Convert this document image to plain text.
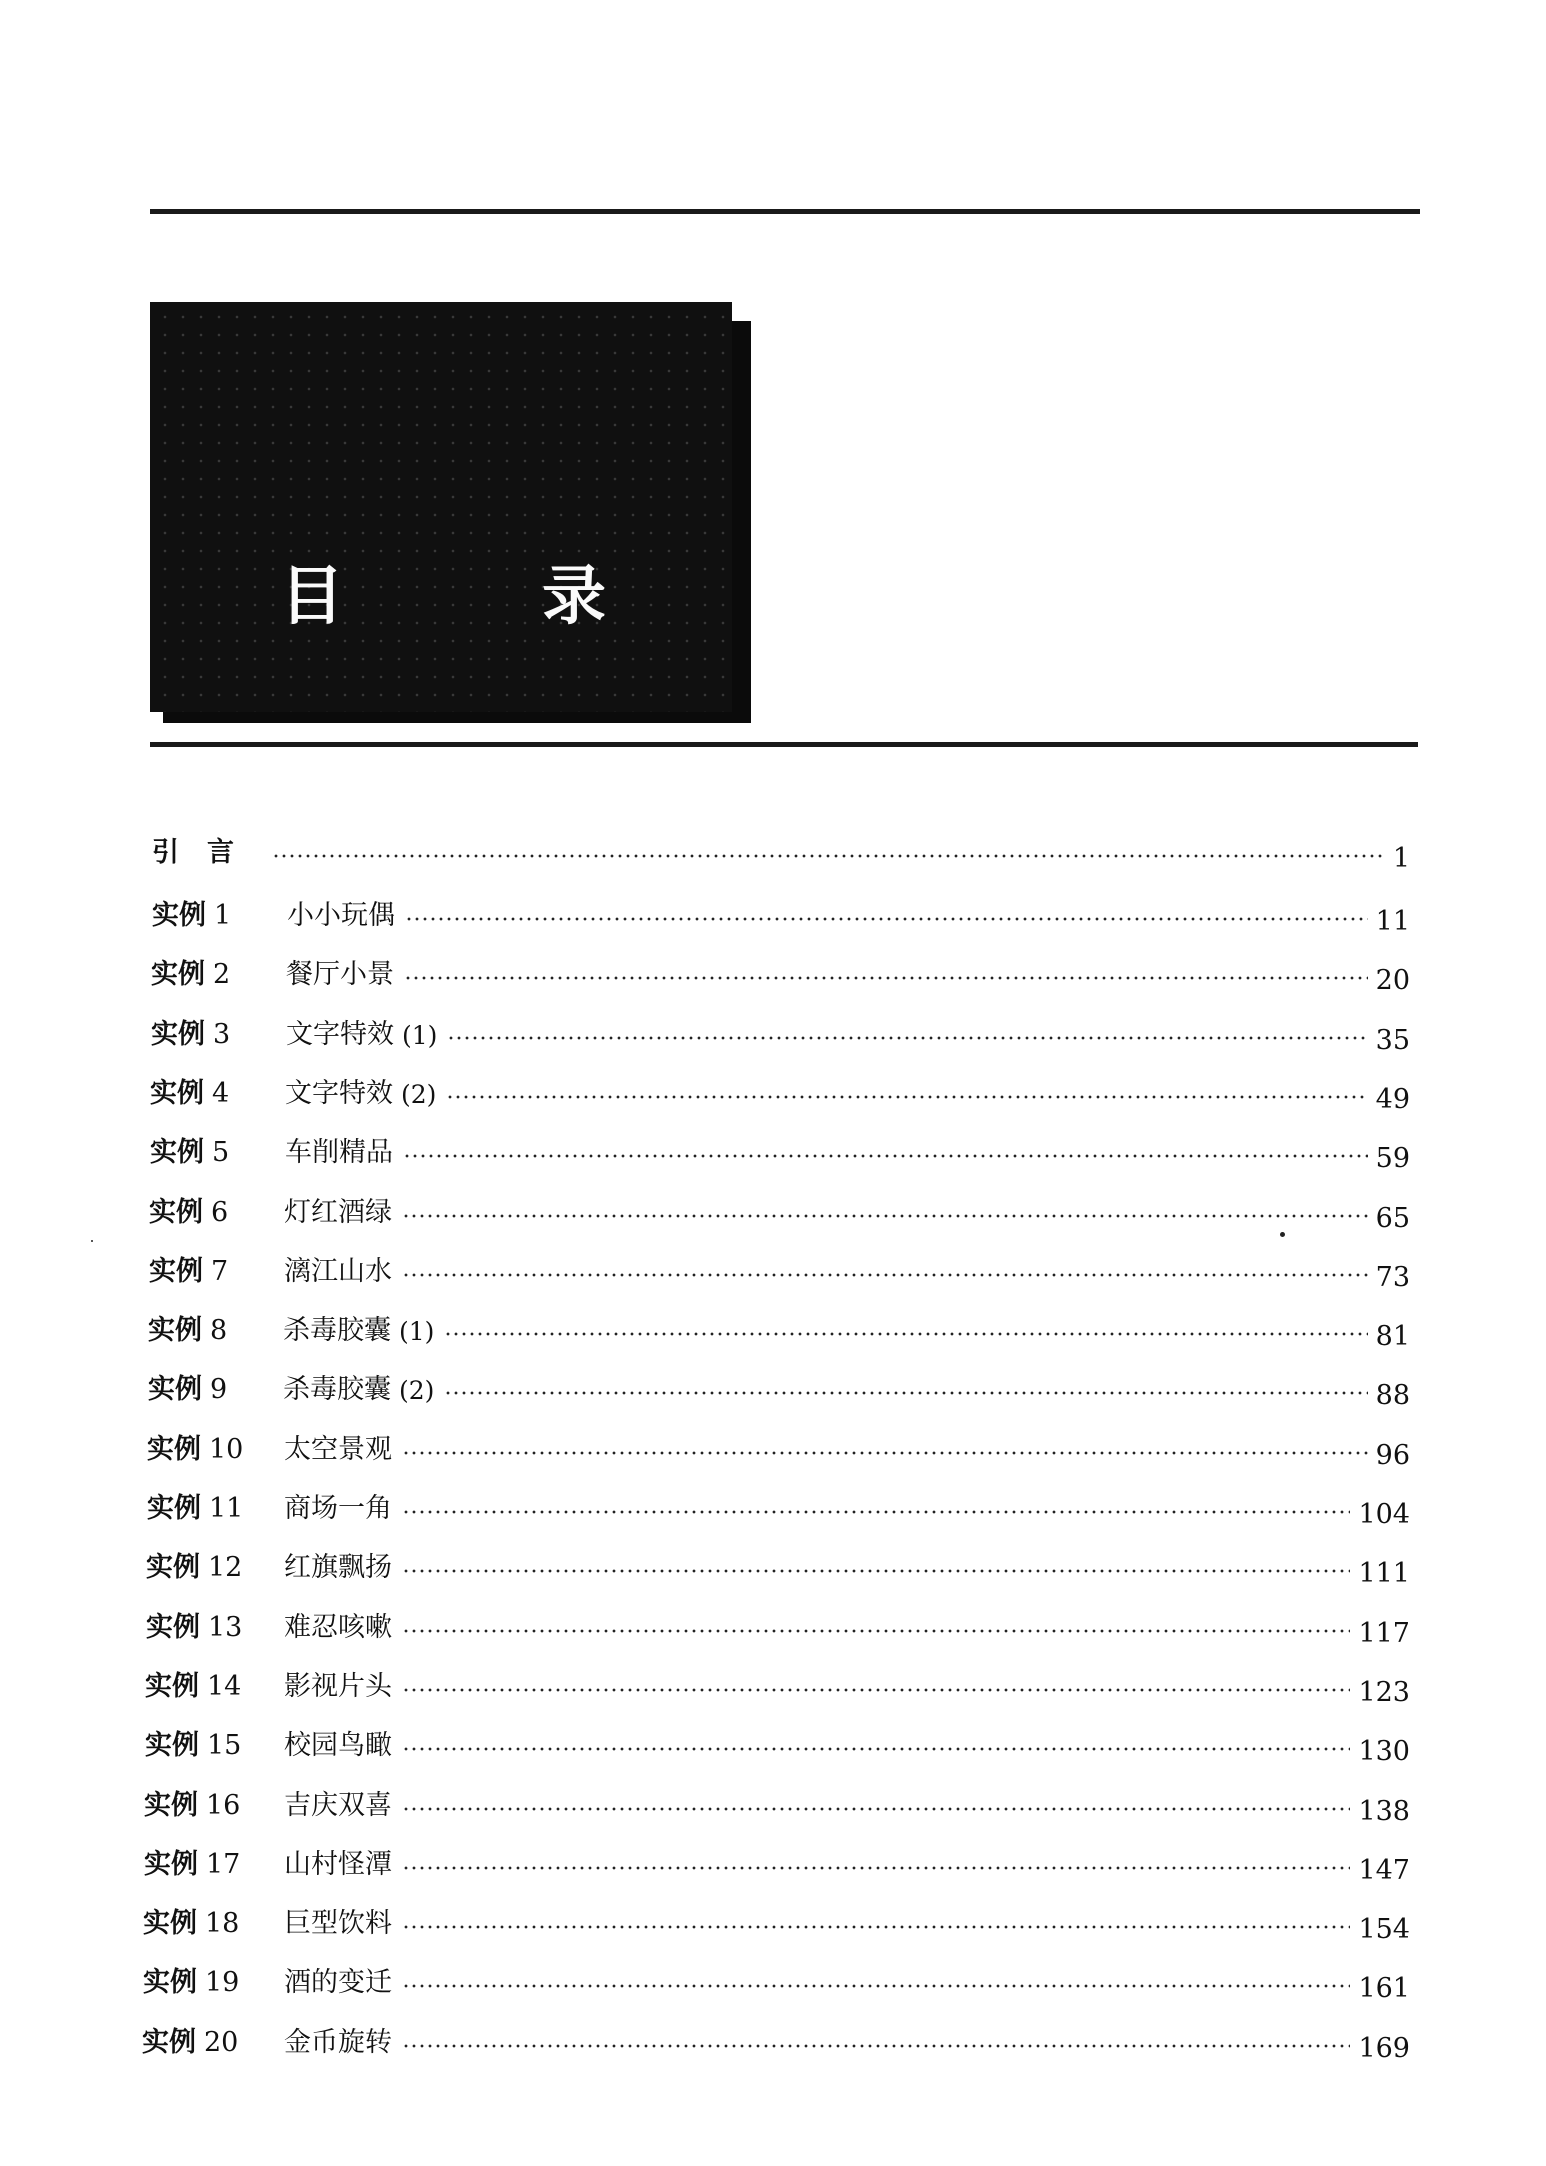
目	录
引言	1
实例 1	小小玩偶	11
实例 2	餐厅小景	20
实例 3	文字特效 (1)	35
实例 4	文字特效 (2)	49
实例 5	车削精品	59
实例 6	灯红酒绿	65
实例 7	漓江山水	73
实例 8	杀毒胶囊 (1)	81
实例 9	杀毒胶囊 (2)	88
实例 10	太空景观	96
实例 11	商场一角	104
实例 12	红旗飘扬	111
实例 13	难忍咳嗽	117
实例 14	影视片头	123
实例 15	校园鸟瞰	130
实例 16	吉庆双喜	138
实例 17	山村怪潭	147
实例 18	巨型饮料	154
实例 19	酒的变迁	161
实例 20	金币旋转	169
